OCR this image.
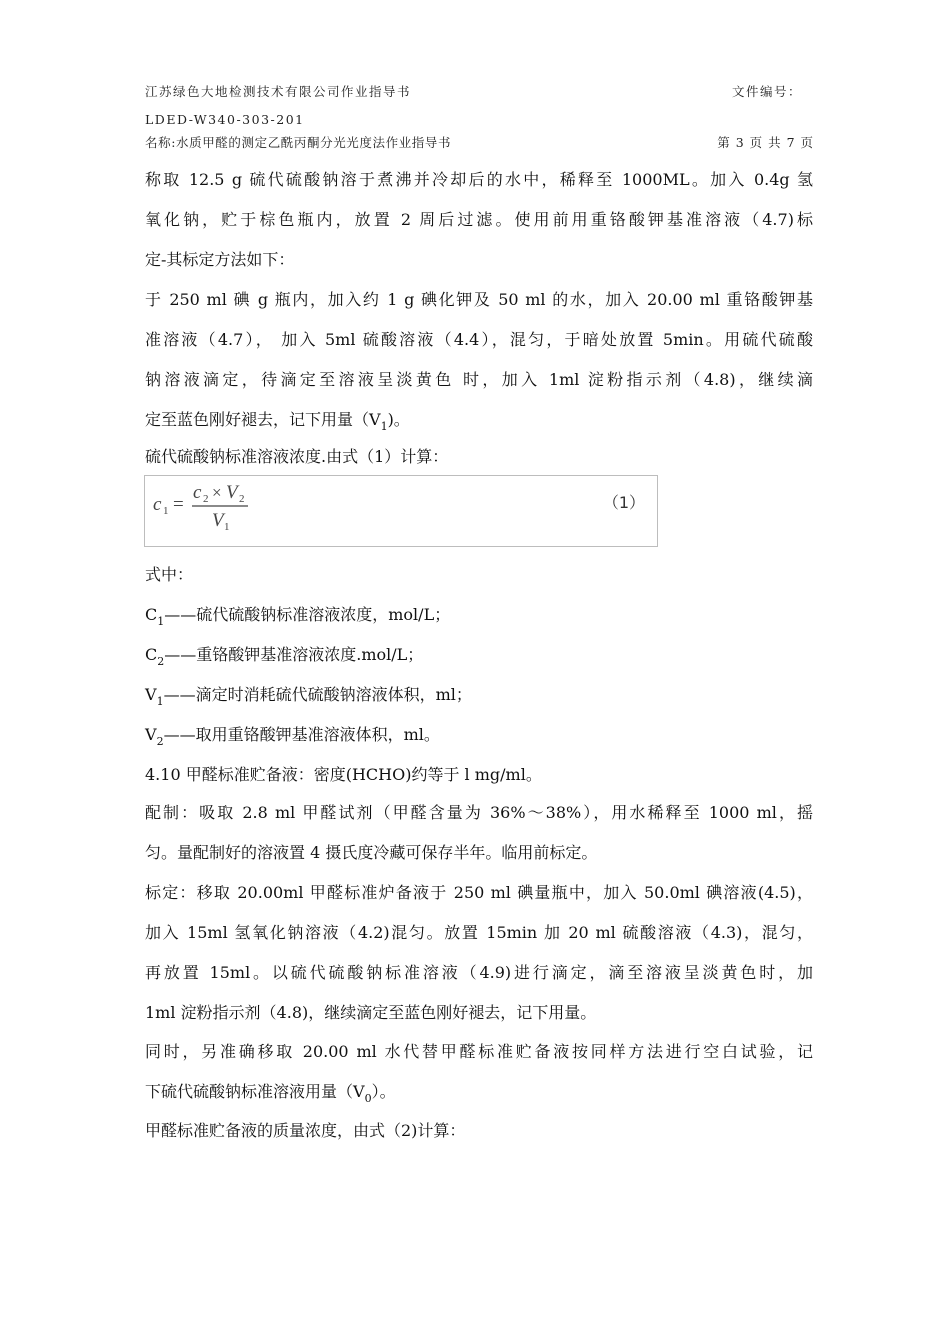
江苏绿色大地检测技术有限公司作业指导书	文件编号：
LDED-W340-303-201
名称:水质甲醛的测定乙酰丙酮分光光度法作业指导书	第 3 页 共 7 页
称取 12.5 g 硫代硫酸钠溶于煮沸并冷却后的水中，稀释至 1000ML。加入 0.4g 氢
氧化钠，贮于棕色瓶内，放置 2 周后过滤。使用前用重铬酸钾基准溶液（4.7)标
定-其标定方法如下：
于 250 ml 碘 g 瓶内，加入约 1 g 碘化钾及 50 ml 的水，加入 20.00 ml 重铬酸钾基
准溶液（4.7）， 加入 5ml 硫酸溶液（4.4），混匀，于暗处放置 5min。用硫代硫酸
钠溶液滴定，待滴定至溶液呈淡黄色 时，加入 1ml 淀粉指示剂（4.8)，继续滴
定至蓝色刚好褪去，记下用量$(V_1)$。
硫代硫酸钠标准溶液浓度.由式（1）计算：
c 1 =
c 2 × V 2
V 1
（1）
式中：
$C_1——$硫代硫酸钠标准溶液浓度，mol/L；
$C_2——$重铬酸钾基准溶液浓度.mol/L；
$V_1——$滴定时消耗硫代硫酸钠溶液体积，ml；
$V_2——$取用重铬酸钾基准溶液体积，ml。
4.10 甲醛标准贮备液：密度(HCHO)约等于 l mg/ml。
配制：吸取 2.8 ml 甲醛试剂（甲醛含量为 36%～38%），用水稀释至 1000 ml，摇
匀。量配制好的溶液置 4 摄氏度冷藏可保存半年。临用前标定。
标定：移取 20.00ml 甲醛标准炉备液于 250 ml 碘量瓶中，加入 50.0ml 碘溶液(4.5)，
加入 15ml 氢氧化钠溶液（4.2)混匀。放置 15min 加 20 ml 硫酸溶液（4.3)，混匀，
再放置 15ml。以硫代硫酸钠标准溶液（4.9)进行滴定，滴至溶液呈淡黄色时，加
1ml 淀粉指示剂（4.8)，继续滴定至蓝色刚好褪去，记下用量。
同时，另准确移取 20.00 ml 水代替甲醛标准贮备液按同样方法进行空白试验，记
下硫代硫酸钠标准溶液用量$(V_0)$。
甲醛标准贮备液的质量浓度，由式（2)计算：
